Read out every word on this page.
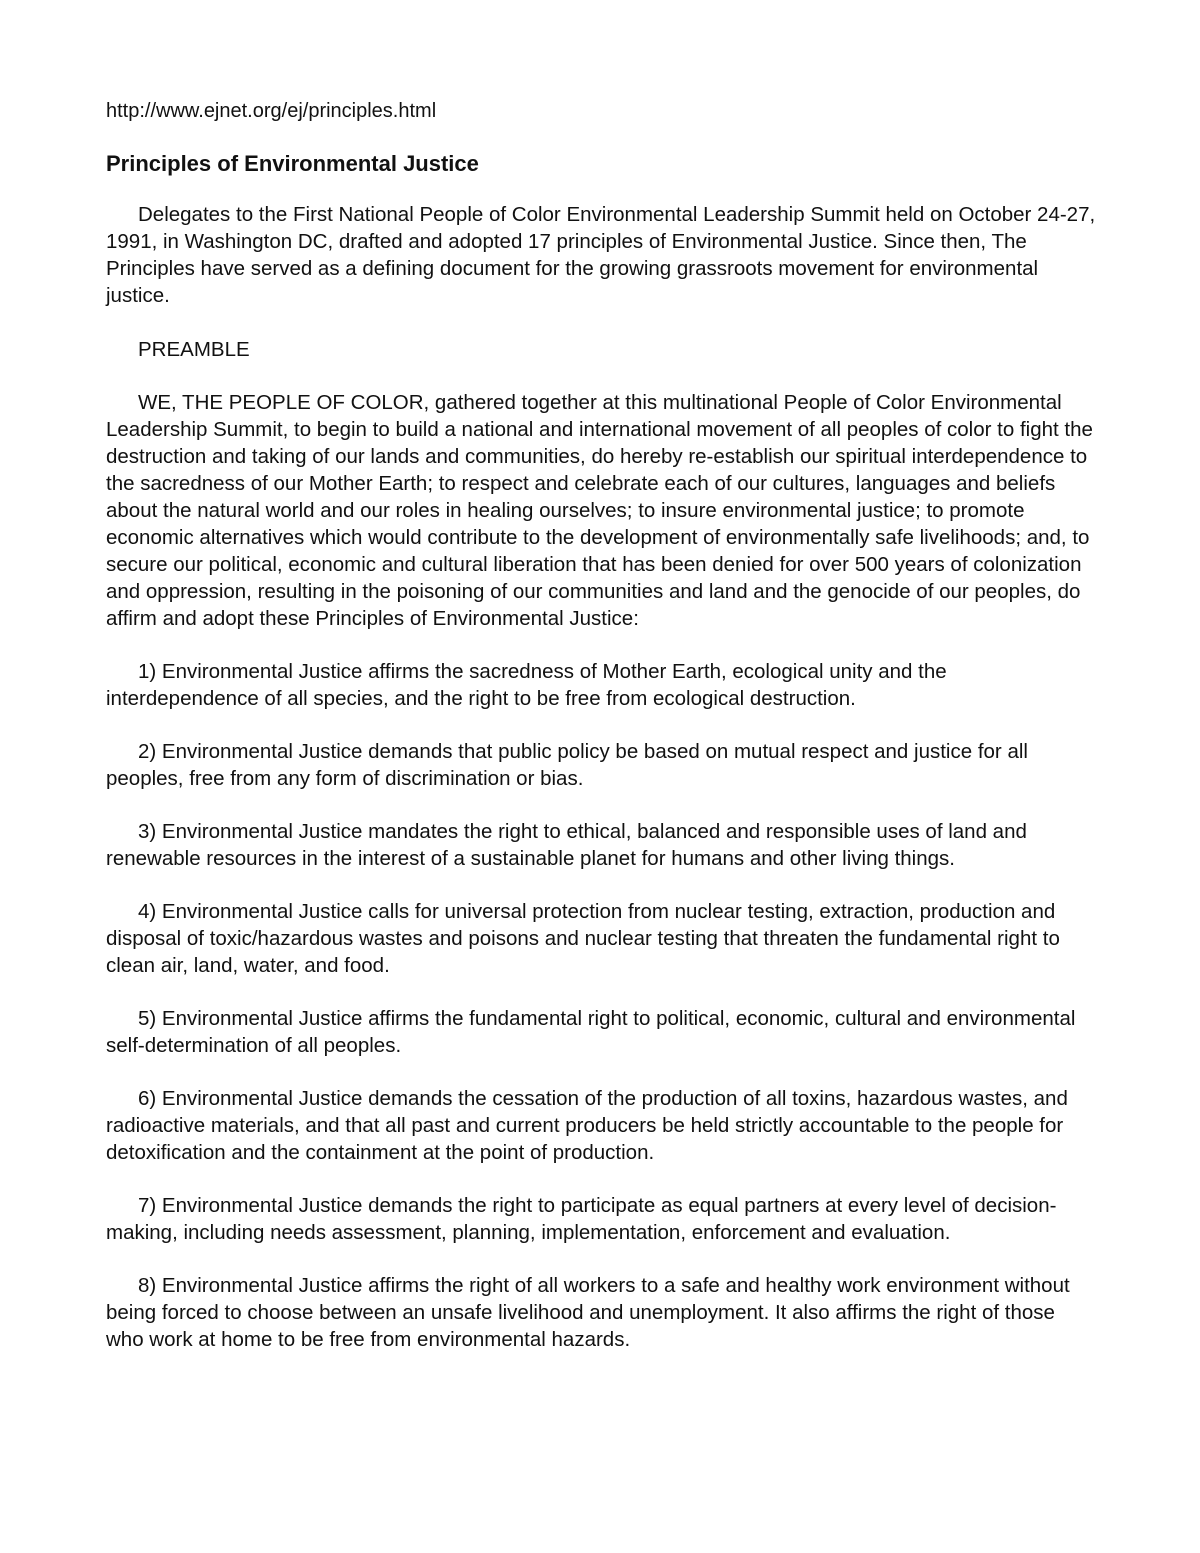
http://www.ejnet.org/ej/principles.html
Principles of Environmental Justice
Delegates to the First National People of Color Environmental Leadership Summit held on October 24-27, 1991, in Washington DC, drafted and adopted 17 principles of Environmental Justice. Since then, The Principles have served as a defining document for the growing grassroots movement for environmental justice.
PREAMBLE
WE, THE PEOPLE OF COLOR, gathered together at this multinational People of Color Environmental Leadership Summit, to begin to build a national and international movement of all peoples of color to fight the destruction and taking of our lands and communities, do hereby re-establish our spiritual interdependence to the sacredness of our Mother Earth; to respect and celebrate each of our cultures, languages and beliefs about the natural world and our roles in healing ourselves; to insure environmental justice; to promote economic alternatives which would contribute to the development of environmentally safe livelihoods; and, to secure our political, economic and cultural liberation that has been denied for over 500 years of colonization and oppression, resulting in the poisoning of our communities and land and the genocide of our peoples, do affirm and adopt these Principles of Environmental Justice:
1) Environmental Justice affirms the sacredness of Mother Earth, ecological unity and the interdependence of all species, and the right to be free from ecological destruction.
2) Environmental Justice demands that public policy be based on mutual respect and justice for all peoples, free from any form of discrimination or bias.
3) Environmental Justice mandates the right to ethical, balanced and responsible uses of land and renewable resources in the interest of a sustainable planet for humans and other living things.
4) Environmental Justice calls for universal protection from nuclear testing, extraction, production and disposal of toxic/hazardous wastes and poisons and nuclear testing that threaten the fundamental right to clean air, land, water, and food.
5) Environmental Justice affirms the fundamental right to political, economic, cultural and environmental self-determination of all peoples.
6) Environmental Justice demands the cessation of the production of all toxins, hazardous wastes, and radioactive materials, and that all past and current producers be held strictly accountable to the people for detoxification and the containment at the point of production.
7) Environmental Justice demands the right to participate as equal partners at every level of decision-making, including needs assessment, planning, implementation, enforcement and evaluation.
8) Environmental Justice affirms the right of all workers to a safe and healthy work environment without being forced to choose between an unsafe livelihood and unemployment. It also affirms the right of those who work at home to be free from environmental hazards.
